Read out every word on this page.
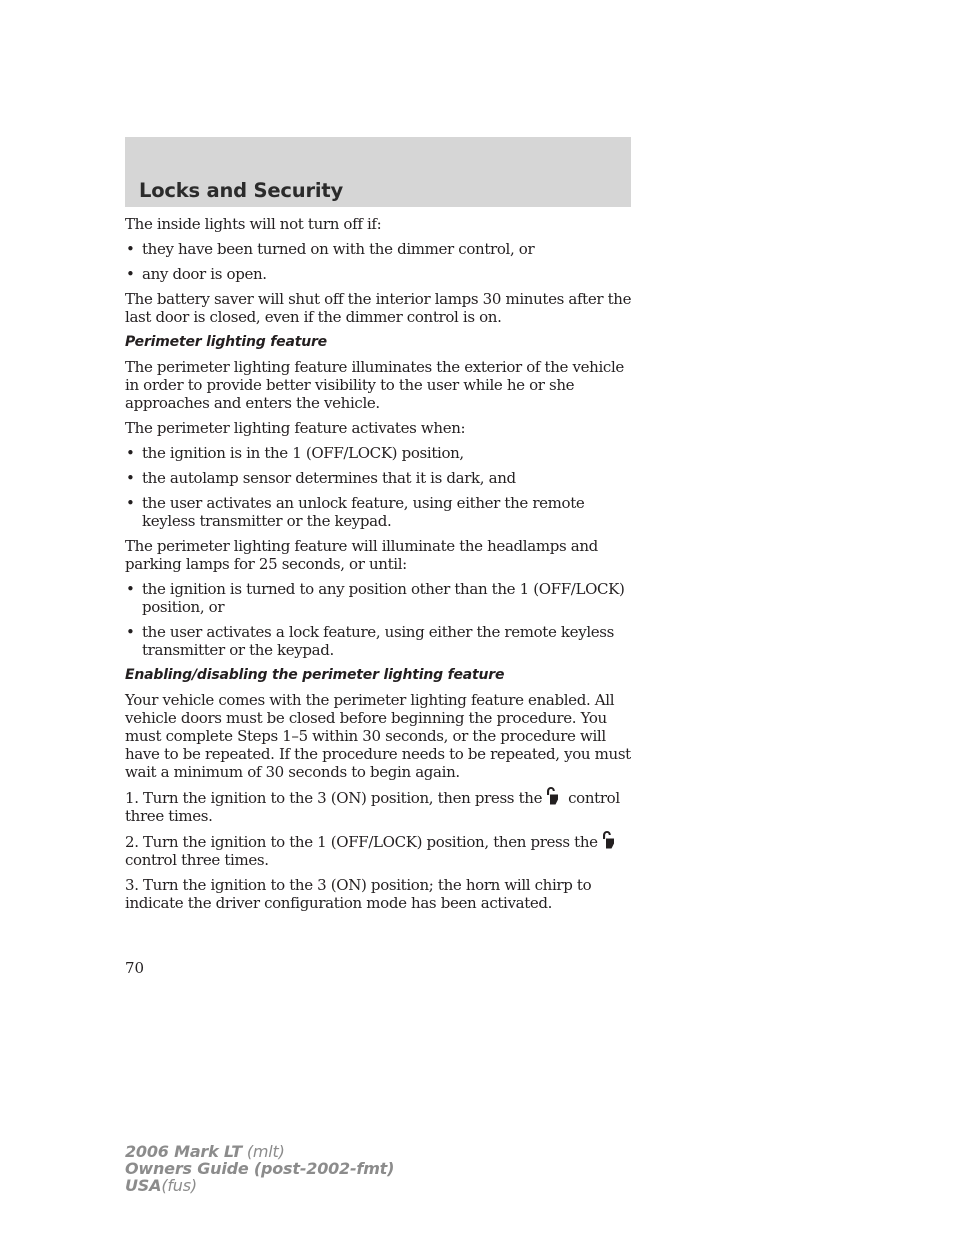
Locks and Security

The inside lights will not turn off if:

• they have been turned on with the dimmer control, or
• any door is open.

The battery saver will shut off the interior lamps 30 minutes after the last door is closed, even if the dimmer control is on.

Perimeter lighting feature

The perimeter lighting feature illuminates the exterior of the vehicle in order to provide better visibility to the user while he or she approaches and enters the vehicle.

The perimeter lighting feature activates when:

• the ignition is in the 1 (OFF/LOCK) position,
• the autolamp sensor determines that it is dark, and
• the user activates an unlock feature, using either the remote keyless transmitter or the keypad.

The perimeter lighting feature will illuminate the headlamps and parking lamps for 25 seconds, or until:

• the ignition is turned to any position other than the 1 (OFF/LOCK) position, or
• the user activates a lock feature, using either the remote keyless transmitter or the keypad.
Enabling/disabling the perimeter lighting feature

Your vehicle comes with the perimeter lighting feature enabled. All vehicle doors must be closed before beginning the procedure. You must complete Steps 1–5 within 30 seconds, or the procedure will have to be repeated. If the procedure needs to be repeated, you must wait a minimum of 30 seconds to begin again.

1. Turn the ignition to the 3 (ON) position, then press the control three times.

2. Turn the ignition to the 1 (OFF/LOCK) position, then press the
control three times.

3. Turn the ignition to the 3 (ON) position; the horn will chirp to indicate the driver configuration mode has been activated.

70

2006 Mark LT (mlt)
Owners Guide (post-2002-fmt)
USA(fus)
